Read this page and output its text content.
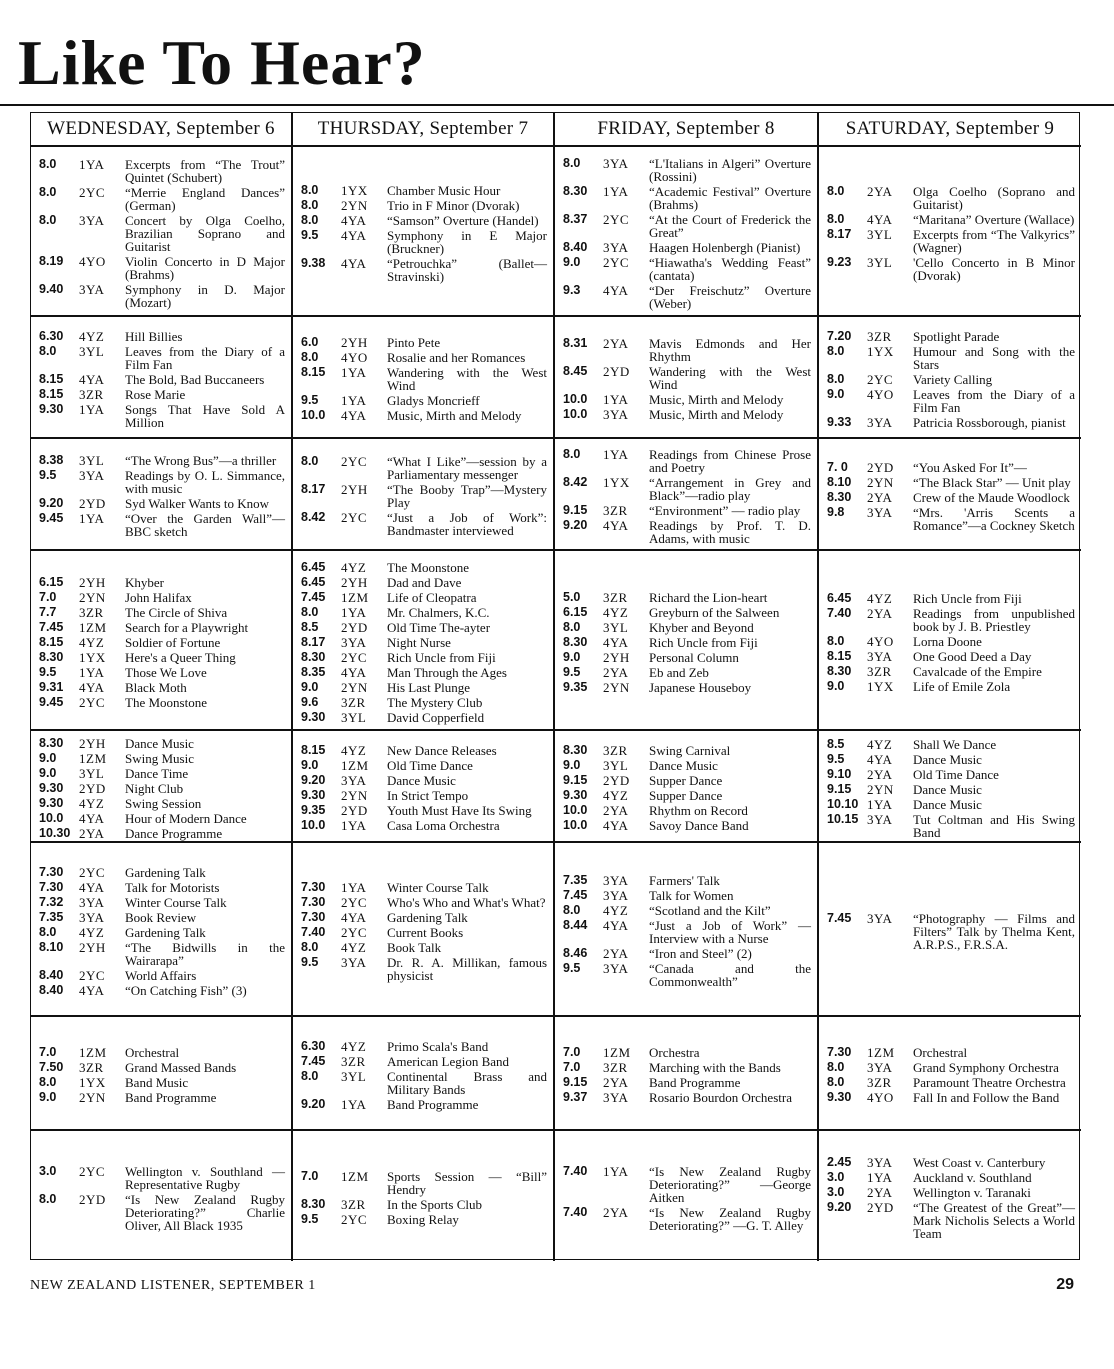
Like To Hear?
WEDNESDAY, September 6	THURSDAY, September 7	FRIDAY, September 8	SATURDAY, September 9
8.0	1YA	Excerpts from “The Trout” Quintet (Schubert)
8.0	2YC	“Merrie England Dances” (German)
8.0	3YA	Concert by Olga Coelho, Brazilian Soprano and Guitarist
8.19	4YO	Violin Concerto in D Major (Brahms)
9.40	3YA	Symphony in D. Major (Mozart)
8.0	1YX	Chamber Music Hour
8.0	2YN	Trio in F Minor (Dvorak)
8.0	4YA	“Samson” Overture (Handel)
9.5	4YA	Symphony in E Major (Bruckner)
9.38	4YA	“Petrouchka” (Ballet—Stravinski)
8.0	3YA	“L'Italians in Algeri” Overture (Rossini)
8.30	1YA	“Academic Festival” Overture (Brahms)
8.37	2YC	“At the Court of Frederick the Great”
8.40	3YA	Haagen Holenbergh (Pianist)
9.0	2YC	“Hiawatha's Wedding Feast” (cantata)
9.3	4YA	“Der Freischutz” Overture (Weber)
8.0	2YA	Olga Coelho (Soprano and Guitarist)
8.0	4YA	“Maritana” Overture (Wallace)
8.17	3YL	Excerpts from “The Valkyrics” (Wagner)
9.23	3YL	'Cello Concerto in B Minor (Dvorak)
6.30	4YZ	Hill Billies
8.0	3YL	Leaves from the Diary of a Film Fan
8.15	4YA	The Bold, Bad Buccaneers
8.15	3ZR	Rose Marie
9.30	1YA	Songs That Have Sold A Million
6.0	2YH	Pinto Pete
8.0	4YO	Rosalie and her Romances
8.15	1YA	Wandering with the West Wind
9.5	1YA	Gladys Moncrieff
10.0	4YA	Music, Mirth and Melody
8.31	2YA	Mavis Edmonds and Her Rhythm
8.45	2YD	Wandering with the West Wind
10.0	1YA	Music, Mirth and Melody
10.0	3YA	Music, Mirth and Melody
7.20	3ZR	Spotlight Parade
8.0	1YX	Humour and Song with the Stars
8.0	2YC	Variety Calling
9.0	4YO	Leaves from the Diary of a Film Fan
9.33	3YA	Patricia Rossborough, pianist
8.38	3YL	“The Wrong Bus”—a thriller
9.5	3YA	Readings by O. L. Simmance, with music
9.20	2YD	Syd Walker Wants to Know
9.45	1YA	“Over the Garden Wall”—BBC sketch
8.0	2YC	“What I Like”—session by a Parliamentary messenger
8.17	2YH	“The Booby Trap”—Mystery Play
8.42	2YC	“Just a Job of Work”: Bandmaster interviewed
8.0	1YA	Readings from Chinese Prose and Poetry
8.42	1YX	“Arrangement in Grey and Black”—radio play
9.15	3ZR	“Environment” — radio play
9.20	4YA	Readings by Prof. T. D. Adams, with music
7. 0	2YD	“You Asked For It”—
8.10	2YN	“The Black Star” — Unit play
8.30	2YA	Crew of the Maude Woodlock
9.8	3YA	“Mrs. 'Arris Scents a Romance”—a Cockney Sketch
6.15	2YH	Khyber
7.0	2YN	John Halifax
7.7	3ZR	The Circle of Shiva
7.45	1ZM	Search for a Playwright
8.15	4YZ	Soldier of Fortune
8.30	1YX	Here's a Queer Thing
9.5	1YA	Those We Love
9.31	4YA	Black Moth
9.45	2YC	The Moonstone
6.45	4YZ	The Moonstone
6.45	2YH	Dad and Dave
7.45	1ZM	Life of Cleopatra
8.0	1YA	Mr. Chalmers, K.C.
8.5	2YD	Old Time The-ayter
8.17	3YA	Night Nurse
8.30	2YC	Rich Uncle from Fiji
8.35	4YA	Man Through the Ages
9.0	2YN	His Last Plunge
9.6	3ZR	The Mystery Club
9.30	3YL	David Copperfield
5.0	3ZR	Richard the Lion-heart
6.15	4YZ	Greyburn of the Salween
8.0	3YL	Khyber and Beyond
8.30	4YA	Rich Uncle from Fiji
9.0	2YH	Personal Column
9.5	2YA	Eb and Zeb
9.35	2YN	Japanese Houseboy
6.45	4YZ	Rich Uncle from Fiji
7.40	2YA	Readings from unpublished book by J. B. Priestley
8.0	4YO	Lorna Doone
8.15	3YA	One Good Deed a Day
8.30	3ZR	Cavalcade of the Empire
9.0	1YX	Life of Emile Zola
8.30	2YH	Dance Music
9.0	1ZM	Swing Music
9.0	3YL	Dance Time
9.30	2YD	Night Club
9.30	4YZ	Swing Session
10.0	4YA	Hour of Modern Dance
10.30 2YA	Dance Programme
8.15	4YZ	New Dance Releases
9.0	1ZM	Old Time Dance
9.20	3YA	Dance Music
9.30	2YN	In Strict Tempo
9.35	2YD	Youth Must Have Its Swing
10.0	1YA	Casa Loma Orchestra
8.30	3ZR	Swing Carnival
9.0	3YL	Dance Music
9.15	2YD	Supper Dance
9.30	4YZ	Supper Dance
10.0	2YA	Rhythm on Record
10.0	4YA	Savoy Dance Band
8.5	4YZ	Shall We Dance
9.5	4YA	Dance Music
9.10	2YA	Old Time Dance
9.15	2YN	Dance Music
10.10 1YA	Dance Music
10.15 3YA	Tut Coltman and His Swing Band
7.30	2YC	Gardening Talk
7.30	4YA	Talk for Motorists
7.32	3YA	Winter Course Talk
7.35	3YA	Book Review
8.0	4YZ	Gardening Talk
8.10	2YH	“The Bidwills in the Wairarapa”
8.40	2YC	World Affairs
8.40	4YA	“On Catching Fish” (3)
7.30	1YA	Winter Course Talk
7.30	2YC	Who's Who and What's What?
7.30	4YA	Gardening Talk
7.40	2YC	Current Books
8.0	4YZ	Book Talk
9.5	3YA	Dr. R. A. Millikan, famous physicist
7.35	3YA	Farmers' Talk
7.45	3YA	Talk for Women
8.0	4YZ	“Scotland and the Kilt”
8.44	4YA	“Just a Job of Work” — Interview with a Nurse
8.46	2YA	“Iron and Steel” (2)
9.5	3YA	“Canada and the Commonwealth”
7.45	3YA	“Photography — Films and Filters” Talk by Thelma Kent, A.R.P.S., F.R.S.A.
7.0	1ZM	Orchestral
7.50	3ZR	Grand Massed Bands
8.0	1YX	Band Music
9.0	2YN	Band Programme
6.30	4YZ	Primo Scala's Band
7.45	3ZR	American Legion Band
8.0	3YL	Continental Brass and Military Bands
9.20	1YA	Band Programme
7.0	1ZM	Orchestra
7.0	3ZR	Marching with the Bands
9.15	2YA	Band Programme
9.37	3YA	Rosario Bourdon Orchestra
7.30	1ZM	Orchestral
8.0	3YA	Grand Symphony Orchestra
8.0	3ZR	Paramount Theatre Orchestra
9.30	4YO	Fall In and Follow the Band
3.0	2YC	Wellington v. Southland —Representative Rugby
8.0	2YD	“Is New Zealand Rugby Deteriorating?” Charlie Oliver, All Black 1935
7.0	1ZM	Sports Session — “Bill” Hendry
8.30	3ZR	In the Sports Club
9.5	2YC	Boxing Relay
7.40	1YA	“Is New Zealand Rugby Deteriorating?” —George Aitken
7.40	2YA	“Is New Zealand Rugby Deteriorating?” —G. T. Alley
2.45	3YA	West Coast v. Canterbury
3.0	1YA	Auckland v. Southland
3.0	2YA	Wellington v. Taranaki
9.20	2YD	“The Greatest of the Great”—Mark Nicholis Selects a World Team
NEW ZEALAND LISTENER, SEPTEMBER 1	29
